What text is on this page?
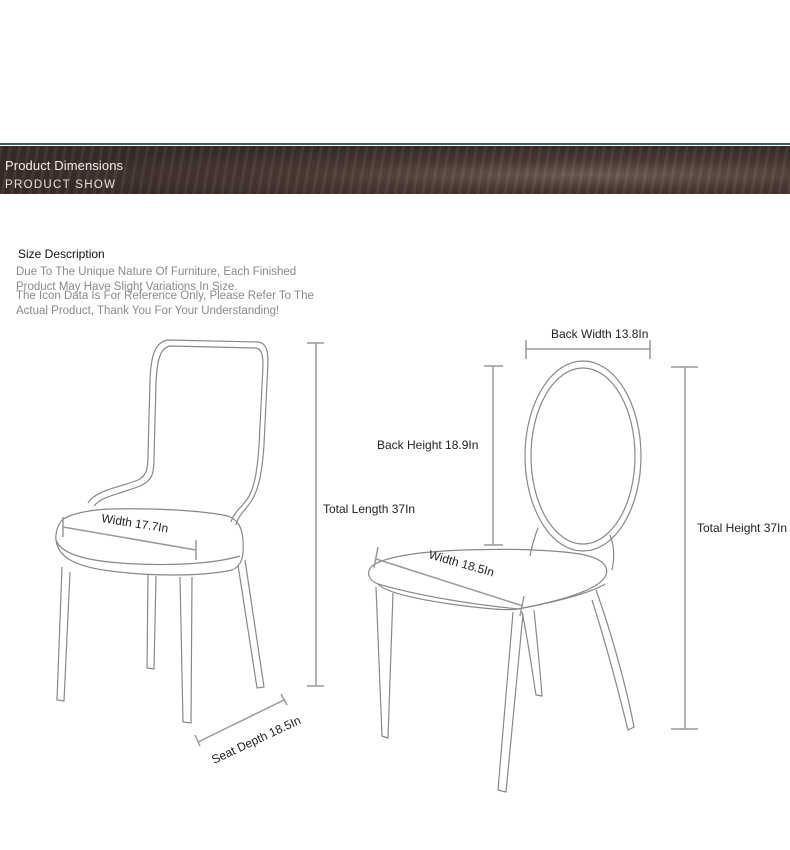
Product Dimensions
PRODUCT SHOW
Size Description
Due To The Unique Nature Of Furniture, Each Finished
Product May Have Slight Variations In Size.
The Icon Data Is For Reference Only, Please Refer To The
Actual Product, Thank You For Your Understanding!
Width 17.7In
Total Length 37In
Seat Depth 18.5In
Back Width 13.8In
Back Height 18.9In
Width 18.5In
Total Height 37In
